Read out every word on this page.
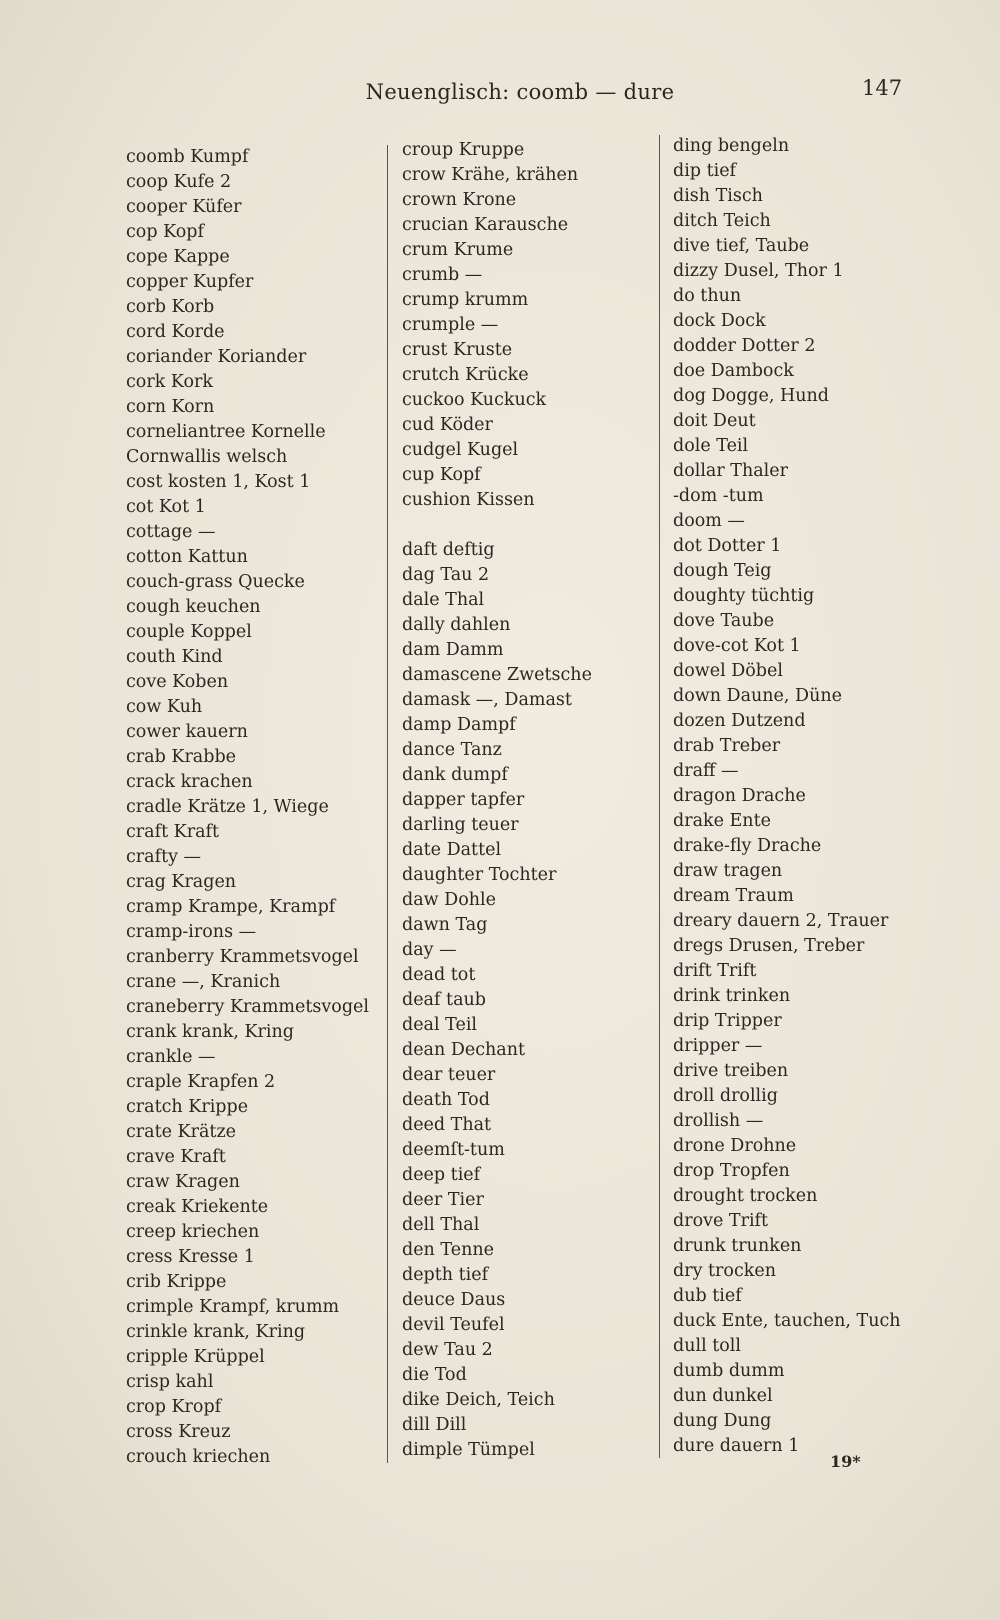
Neuenglisch: coomb — dure	147
coomb Kumpf
coop Kufe 2
cooper Küfer
cop Kopf
cope Kappe
copper Kupfer
corb Korb
cord Korde
coriander Koriander
cork Kork
corn Korn
corneliantree Kornelle
Cornwallis welsch
cost kosten 1, Kost 1
cot Kot 1
cottage —
cotton Kattun
couch-grass Quecke
cough keuchen
couple Koppel
couth Kind
cove Koben
cow Kuh
cower kauern
crab Krabbe
crack krachen
cradle Krätze 1, Wiege
craft Kraft
crafty —
crag Kragen
cramp Krampe, Krampf
cramp-irons —
cranberry Krammetsvogel
crane —, Kranich
craneberry Krammetsvogel
crank krank, Kring
crankle —
craple Krapfen 2
cratch Krippe
crate Krätze
crave Kraft
craw Kragen
creak Kriekente
creep kriechen
cress Kresse 1
crib Krippe
crimple Krampf, krumm
crinkle krank, Kring
cripple Krüppel
crisp kahl
crop Kropf
cross Kreuz
crouch kriechen
croup Kruppe
crow Krähe, krähen
crown Krone
crucian Karausche
crum Krume
crumb —
crump krumm
crumple —
crust Kruste
crutch Krücke
cuckoo Kuckuck
cud Köder
cudgel Kugel
cup Kopf
cushion Kissen
daft deftig
dag Tau 2
dale Thal
dally dahlen
dam Damm
damascene Zwetsche
damask —, Damast
damp Dampf
dance Tanz
dank dumpf
dapper tapfer
darling teuer
date Dattel
daughter Tochter
daw Dohle
dawn Tag
day —
dead tot
deaf taub
deal Teil
dean Dechant
dear teuer
death Tod
deed That
deemſt-tum
deep tief
deer Tier
dell Thal
den Tenne
depth tief
deuce Daus
devil Teufel
dew Tau 2
die Tod
dike Deich, Teich
dill Dill
dimple Tümpel
ding bengeln
dip tief
dish Tisch
ditch Teich
dive tief, Taube
dizzy Dusel, Thor 1
do thun
dock Dock
dodder Dotter 2
doe Dambock
dog Dogge, Hund
doit Deut
dole Teil
dollar Thaler
-dom -tum
doom —
dot Dotter 1
dough Teig
doughty tüchtig
dove Taube
dove-cot Kot 1
dowel Döbel
down Daune, Düne
dozen Dutzend
drab Treber
draff —
dragon Drache
drake Ente
drake-fly Drache
draw tragen
dream Traum
dreary dauern 2, Trauer
dregs Drusen, Treber
drift Trift
drink trinken
drip Tripper
dripper —
drive treiben
droll drollig
drollish —
drone Drohne
drop Tropfen
drought trocken
drove Trift
drunk trunken
dry trocken
dub tief
duck Ente, tauchen, Tuch
dull toll
dumb dumm
dun dunkel
dung Dung
dure dauern 1
19*
